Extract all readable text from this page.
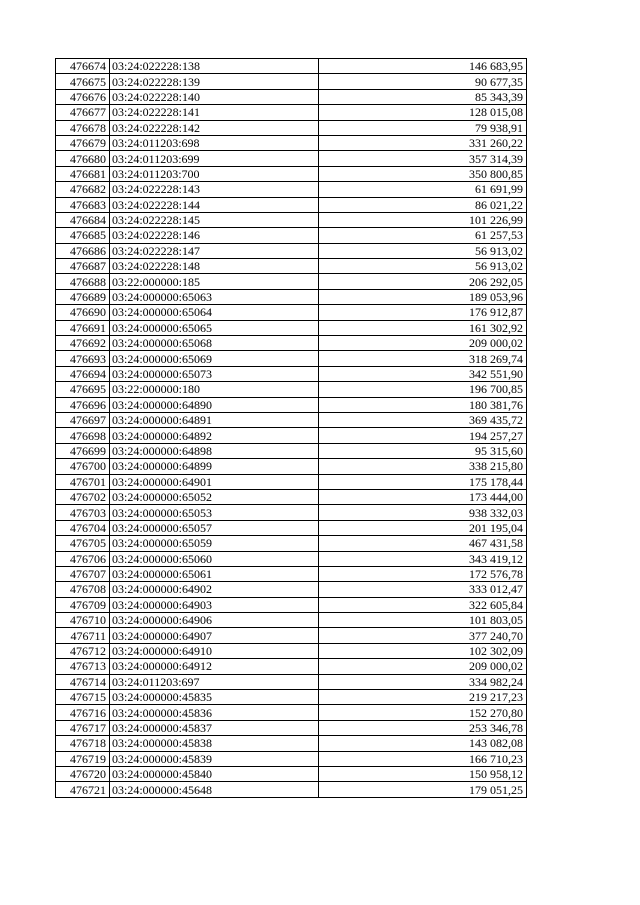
476674	03:24:022228:138	146 683,95
476675	03:24:022228:139	90 677,35
476676	03:24:022228:140	85 343,39
476677	03:24:022228:141	128 015,08
476678	03:24:022228:142	79 938,91
476679	03:24:011203:698	331 260,22
476680	03:24:011203:699	357 314,39
476681	03:24:011203:700	350 800,85
476682	03:24:022228:143	61 691,99
476683	03:24:022228:144	86 021,22
476684	03:24:022228:145	101 226,99
476685	03:24:022228:146	61 257,53
476686	03:24:022228:147	56 913,02
476687	03:24:022228:148	56 913,02
476688	03:22:000000:185	206 292,05
476689	03:24:000000:65063	189 053,96
476690	03:24:000000:65064	176 912,87
476691	03:24:000000:65065	161 302,92
476692	03:24:000000:65068	209 000,02
476693	03:24:000000:65069	318 269,74
476694	03:24:000000:65073	342 551,90
476695	03:22:000000:180	196 700,85
476696	03:24:000000:64890	180 381,76
476697	03:24:000000:64891	369 435,72
476698	03:24:000000:64892	194 257,27
476699	03:24:000000:64898	95 315,60
476700	03:24:000000:64899	338 215,80
476701	03:24:000000:64901	175 178,44
476702	03:24:000000:65052	173 444,00
476703	03:24:000000:65053	938 332,03
476704	03:24:000000:65057	201 195,04
476705	03:24:000000:65059	467 431,58
476706	03:24:000000:65060	343 419,12
476707	03:24:000000:65061	172 576,78
476708	03:24:000000:64902	333 012,47
476709	03:24:000000:64903	322 605,84
476710	03:24:000000:64906	101 803,05
476711	03:24:000000:64907	377 240,70
476712	03:24:000000:64910	102 302,09
476713	03:24:000000:64912	209 000,02
476714	03:24:011203:697	334 982,24
476715	03:24:000000:45835	219 217,23
476716	03:24:000000:45836	152 270,80
476717	03:24:000000:45837	253 346,78
476718	03:24:000000:45838	143 082,08
476719	03:24:000000:45839	166 710,23
476720	03:24:000000:45840	150 958,12
476721	03:24:000000:45648	179 051,25
